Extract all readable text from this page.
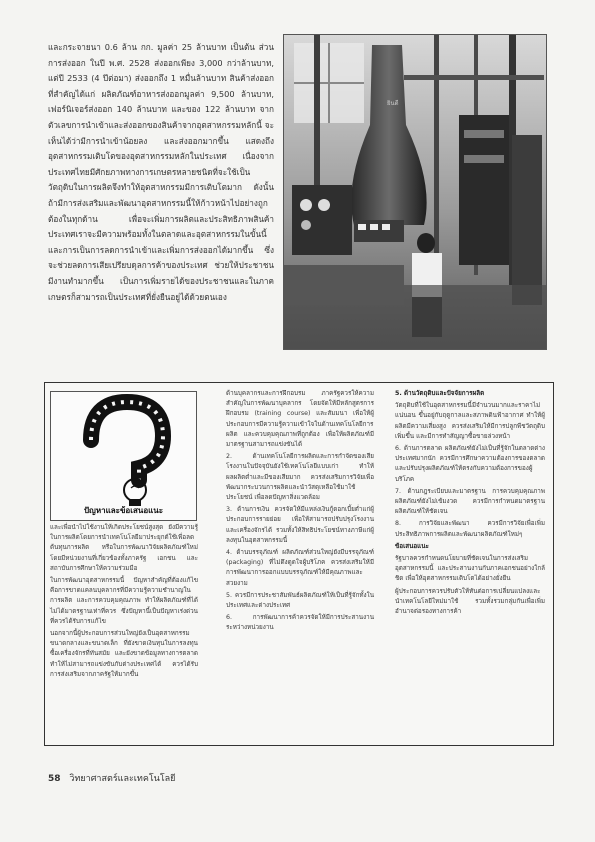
และกระจายนา 0.6 ล้าน กก. มูลค่า 25 ล้านบาท เป็นต้น ส่วนการส่งออก ในปี พ.ศ. 2528 ส่งออกเพียง 3,000 กว่าล้านบาท, แต่ปี 2533 (4 ปีต่อมา) ส่งออกถึง 1 หมื่นล้านบาท สินค้าส่งออกที่สำคัญได้แก่ ผลิตภัณฑ์อาหารส่งออกมูลค่า 9,500 ล้านบาท, เฟอร์นิเจอร์ส่งออก 140 ล้านบาท และของ 122 ล้านบาท จากตัวเลขการนำเข้าและส่งออกของสินค้าจากอุตสาหกรรมหลักนี้ จะเห็นได้ว่ามีการนำเข้าน้อยลง และส่งออกมากขึ้น แสดงถึงอุตสาหกรรมเติบโตของอุตสาหกรรมหลักในประเทศ เนื่องจากประเทศไทยมีศักยภาพทางการเกษตรหลายชนิดที่จะใช้เป็นวัตถุดิบในการผลิตจึงทำให้อุตสาหกรรมมีการเติบโตมาก ดังนั้นถ้ามีการส่งเสริมและพัฒนาอุตสาหกรรมนี้ให้ก้าวหน้าไปอย่างถูกต้องในทุกด้าน เพื่อจะเพิ่มการผลิตและประสิทธิภาพสินค้า ประเทศเราจะมีความพร้อมทั้งในตลาดและอุตสาหกรรมในขั้นนี้ และการเป็นการลดการนำเข้าและเพิ่มการส่งออกได้มากขึ้น ซึ่งจะช่วยลดการเสียเปรียบดุลการค้าของประเทศ ช่วยให้ประชาชนมีงานทำมากขึ้น เป็นการเพิ่มรายได้ของประชาชนและในภาคเกษตรก็สามารถเป็นประเทศที่ยั่งยืนอยู่ได้ด้วยตนเอง

ยินดี
ปัญหาและข้อเสนอแนะ

และเพื่อนำไปใช้งานให้เกิดประโยชน์สูงสุด ยังมีความรู้ในการผลิตโดยการนำเทคโนโลยีมาประยุกต์ใช้เพื่อลดต้นทุนการผลิต หรือในการพัฒนาวิจัยผลิตภัณฑ์ใหม่ โดยมีหน่วยงานที่เกี่ยวข้องทั้งภาครัฐ เอกชน และสถาบันการศึกษาให้ความร่วมมือ

ในการพัฒนาอุตสาหกรรมนี้ ปัญหาสำคัญที่ต้องแก้ไข คือการขาดแคลนบุคลากรที่มีความรู้ความชำนาญในการผลิต และการควบคุมคุณภาพ ทำให้ผลิตภัณฑ์ที่ได้ไม่ได้มาตรฐานเท่าที่ควร ซึ่งปัญหานี้เป็นปัญหาเร่งด่วนที่ควรได้รับการแก้ไข

นอกจากนี้ผู้ประกอบการส่วนใหญ่ยังเป็นอุตสาหกรรมขนาดกลางและขนาดเล็ก ที่ยังขาดเงินทุนในการลงทุนซื้อเครื่องจักรที่ทันสมัย และยังขาดข้อมูลทางการตลาด ทำให้ไม่สามารถแข่งขันกับต่างประเทศได้ ควรได้รับการส่งเสริมจากภาครัฐให้มากขึ้น

ด้านบุคลากรและการฝึกอบรม ภาครัฐควรให้ความสำคัญในการพัฒนาบุคลากร โดยจัดให้มีหลักสูตรการฝึกอบรม (training course) และสัมมนา เพื่อให้ผู้ประกอบการมีความรู้ความเข้าใจในด้านเทคโนโลยีการผลิต และควบคุมคุณภาพที่ถูกต้อง เพื่อให้ผลิตภัณฑ์มีมาตรฐานสามารถแข่งขันได้

2. ด้านเทคโนโลยีการผลิตและการกำจัดของเสีย โรงงานในปัจจุบันยังใช้เทคโนโลยีแบบเก่า ทำให้ผลผลิตต่ำและมีของเสียมาก ควรส่งเสริมการวิจัยเพื่อพัฒนากระบวนการผลิตและนำวัสดุเหลือใช้มาใช้ประโยชน์ เพื่อลดปัญหาสิ่งแวดล้อม

3. ด้านการเงิน ควรจัดให้มีแหล่งเงินกู้ดอกเบี้ยต่ำแก่ผู้ประกอบการรายย่อย เพื่อให้สามารถปรับปรุงโรงงานและเครื่องจักรได้ รวมทั้งให้สิทธิประโยชน์ทางภาษีแก่ผู้ลงทุนในอุตสาหกรรมนี้

4. ด้านบรรจุภัณฑ์ ผลิตภัณฑ์ส่วนใหญ่ยังมีบรรจุภัณฑ์ (packaging) ที่ไม่ดึงดูดใจผู้บริโภค ควรส่งเสริมให้มีการพัฒนาการออกแบบบรรจุภัณฑ์ให้มีคุณภาพและสวยงาม

5. ควรมีการประชาสัมพันธ์ผลิตภัณฑ์ให้เป็นที่รู้จักทั้งในประเทศและต่างประเทศ

6. การพัฒนาการค้าควรจัดให้มีการประสานงานระหว่างหน่วยงาน

5. ด้านวัตถุดิบและปัจจัยการผลิต

วัตถุดิบที่ใช้ในอุตสาหกรรมนี้มีจำนวนมากและราคาไม่แน่นอน ขึ้นอยู่กับฤดูกาลและสภาพดินฟ้าอากาศ ทำให้ผู้ผลิตมีความเสี่ยงสูง ควรส่งเสริมให้มีการปลูกพืชวัตถุดิบเพิ่มขึ้น และมีการทำสัญญาซื้อขายล่วงหน้า

6. ด้านการตลาด ผลิตภัณฑ์ยังไม่เป็นที่รู้จักในตลาดต่างประเทศมากนัก ควรมีการศึกษาความต้องการของตลาดและปรับปรุงผลิตภัณฑ์ให้ตรงกับความต้องการของผู้บริโภค

7. ด้านกฎระเบียบและมาตรฐาน การควบคุมคุณภาพผลิตภัณฑ์ยังไม่เข้มงวด ควรมีการกำหนดมาตรฐานผลิตภัณฑ์ให้ชัดเจน

8. การวิจัยและพัฒนา ควรมีการวิจัยเพื่อเพิ่มประสิทธิภาพการผลิตและพัฒนาผลิตภัณฑ์ใหม่ๆ

ข้อเสนอแนะ

รัฐบาลควรกำหนดนโยบายที่ชัดเจนในการส่งเสริมอุตสาหกรรมนี้ และประสานงานกับภาคเอกชนอย่างใกล้ชิด เพื่อให้อุตสาหกรรมเติบโตได้อย่างยั่งยืน

ผู้ประกอบการควรปรับตัวให้ทันต่อการเปลี่ยนแปลงและนำเทคโนโลยีใหม่มาใช้ รวมทั้งรวมกลุ่มกันเพื่อเพิ่มอำนาจต่อรองทางการค้า

58 วิทยาศาสตร์และเทคโนโลยี
